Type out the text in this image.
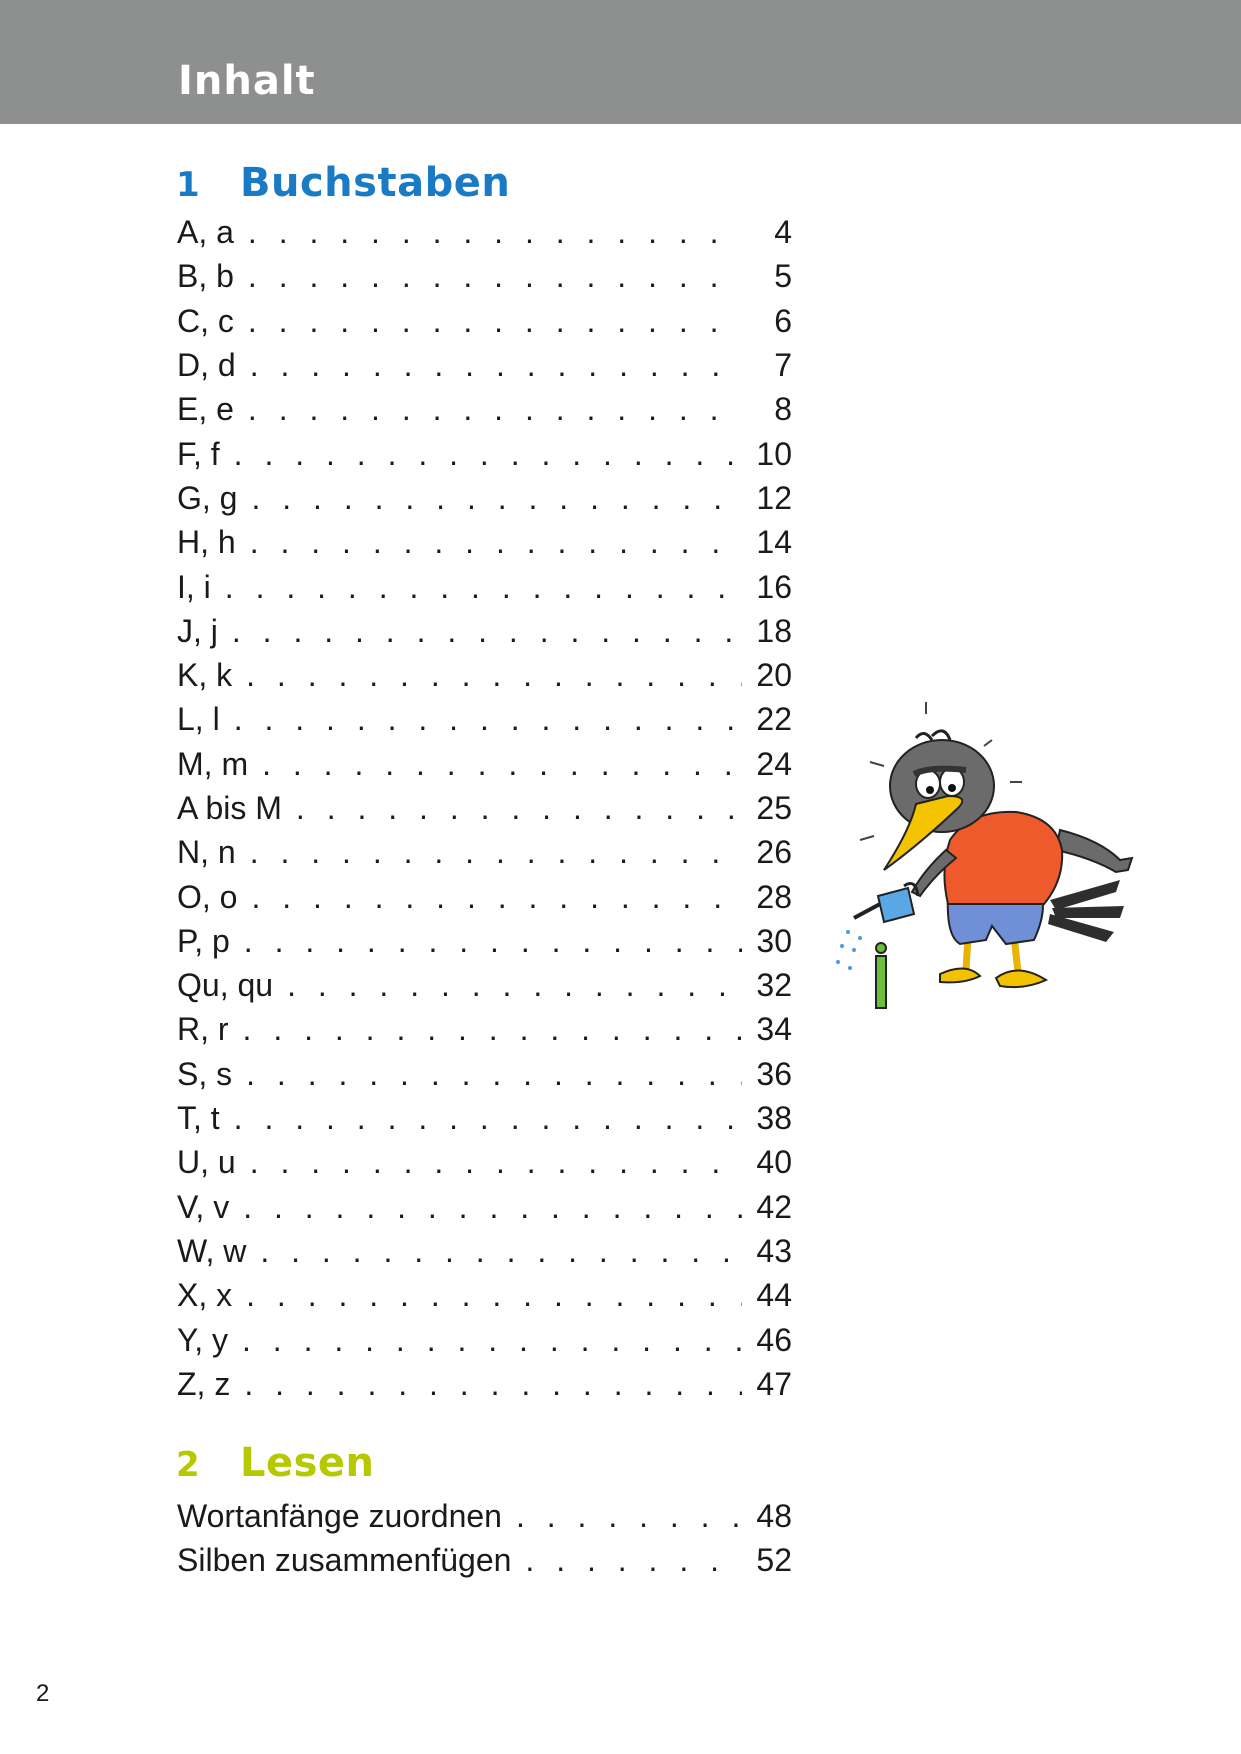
Inhalt
1 Buchstaben
A, a . . .	4
B, b . . .	5
C, c . . .	6
D, d . . .	7
E, e . . .	8
F, f . . .	10
G, g . . .	12
H, h . . .	14
I, i . . .	16
J, j . . .	18
K, k . . .	20
L, l . . .	22
M, m . . .	24
A bis M . . .	25
N, n . . .	26
O, o . . .	28
P, p . . .	30
Qu, qu . . .	32
R, r . . .	34
S, s . . .	36
T, t . . .	38
U, u . . .	40
V, v . . .	42
W, w . . .	43
X, x . . .	44
Y, y . . .	46
Z, z . . .	47
2 Lesen
Wortanfänge zuordnen . . .	48
Silben zusammenfügen . . .	52
2
